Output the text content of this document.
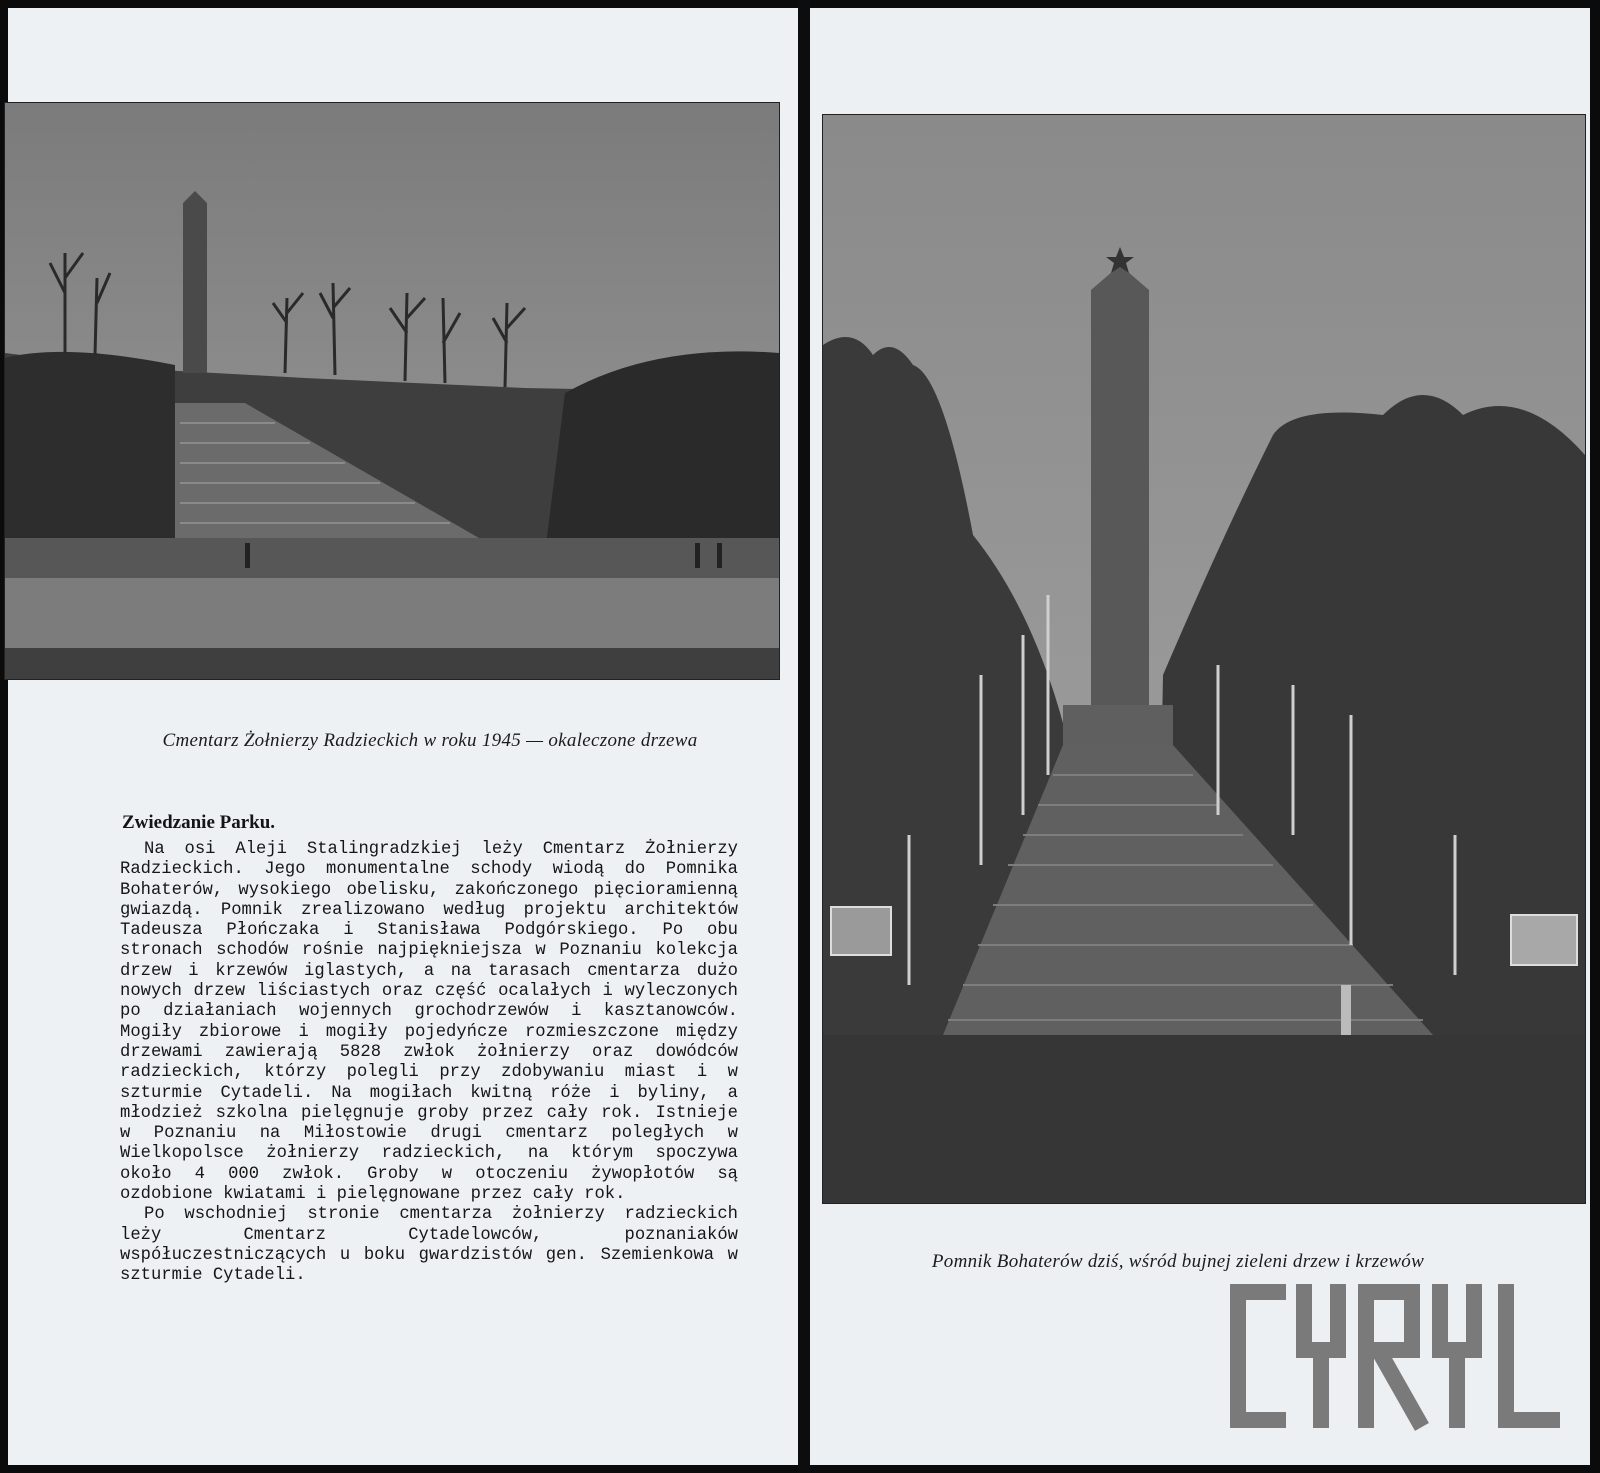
Cmentarz Żołnierzy Radzieckich w roku 1945 — okaleczone drzewa

Zwiedzanie Parku.

Na osi Aleji Stalingradzkiej leży Cmentarz Żołnierzy Radzieckich. Jego monumentalne schody wiodą do Pomnika Bohaterów, wysokiego obelisku, zakończonego pięcioramienną gwiazdą. Pomnik zrealizowano według projektu architektów Tadeusza Płończaka i Stanisława Podgórskiego. Po obu stronach schodów rośnie najpiękniejsza w Poznaniu kolekcja drzew i krzewów iglastych, a na tarasach cmentarza dużo nowych drzew liściastych oraz część ocalałych i wyleczonych po działaniach wojennych grochodrzewów i kasztanowców. Mogiły zbiorowe i mogiły pojedyńcze rozmieszczone między drzewami zawierają 5828 zwłok żołnierzy oraz dowódców radzieckich, którzy polegli przy zdobywaniu miast i w szturmie Cytadeli. Na mogiłach kwitną róże i byliny, a młodzież szkolna pielęgnuje groby przez cały rok. Istnieje w Poznaniu na Miłostowie drugi cmentarz poległych w Wielkopolsce żołnierzy radzieckich, na którym spoczywa około 4 000 zwłok. Groby w otoczeniu żywopłotów są ozdobione kwiatami i pielęgnowane przez cały rok.

Po wschodniej stronie cmentarza żołnierzy radzieckich leży Cmentarz Cytadelowców, poznaniaków współuczestniczących u boku gwardzistów gen. Szemienkowa w szturmie Cytadeli.

Pomnik Bohaterów dziś, wśród bujnej zieleni drzew i krzewów
